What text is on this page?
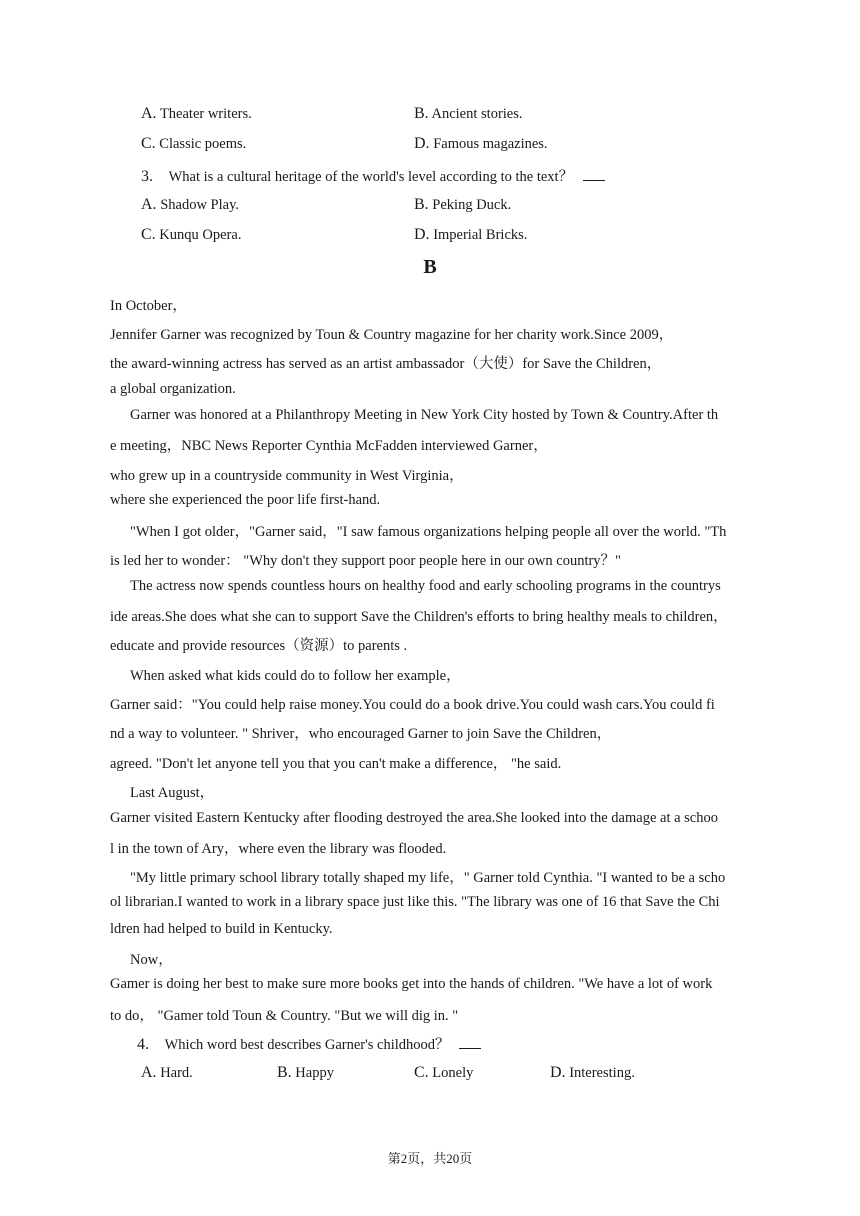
A. Theater writers.	B. Ancient stories.
C. Classic poems.	D. Famous magazines.
3. What is a cultural heritage of the world's level according to the text？
A. Shadow Play.	B. Peking Duck.
C. Kunqu Opera.	D. Imperial Bricks.
B
In October，
Jennifer Garner was recognized by Toun & Country magazine for her charity work.Since 2009，
the award-winning actress has served as an artist ambassador（大使）for Save the Children，
a global organization.
Garner was honored at a Philanthropy Meeting in New York City hosted by Town & Country.After th
e meeting，NBC News Reporter Cynthia McFadden interviewed Garner，
who grew up in a countryside community in West Virginia，
where she experienced the poor life first-hand.
"When I got older，"Garner said，"I saw famous organizations helping people all over the world. "Th
is led her to wonder： "Why don't they support poor people here in our own country？"
The actress now spends countless hours on healthy food and early schooling programs in the countrys
ide areas.She does what she can to support Save the Children's efforts to bring healthy meals to children，
educate and provide resources（资源）to parents .
When asked what kids could do to follow her example，
Garner said："You could help raise money.You could do a book drive.You could wash cars.You could fi
nd a way to volunteer. " Shriver，who encouraged Garner to join Save the Children，
agreed. "Don't let anyone tell you that you can't make a difference， "he said.
Last August，
Garner visited Eastern Kentucky after flooding destroyed the area.She looked into the damage at a schoo
l in the town of Ary，where even the library was flooded.
"My little primary school library totally shaped my life，" Garner told Cynthia. "I wanted to be a scho
ol librarian.I wanted to work in a library space just like this. "The library was one of 16 that Save the Chi
ldren had helped to build in Kentucky.
Now，
Gamer is doing her best to make sure more books get into the hands of children. "We have a lot of work
to do， "Gamer told Toun & Country. "But we will dig in. "
4. Which word best describes Garner's childhood？
A. Hard.	B. Happy	C. Lonely	D. Interesting.
第2页，共20页
